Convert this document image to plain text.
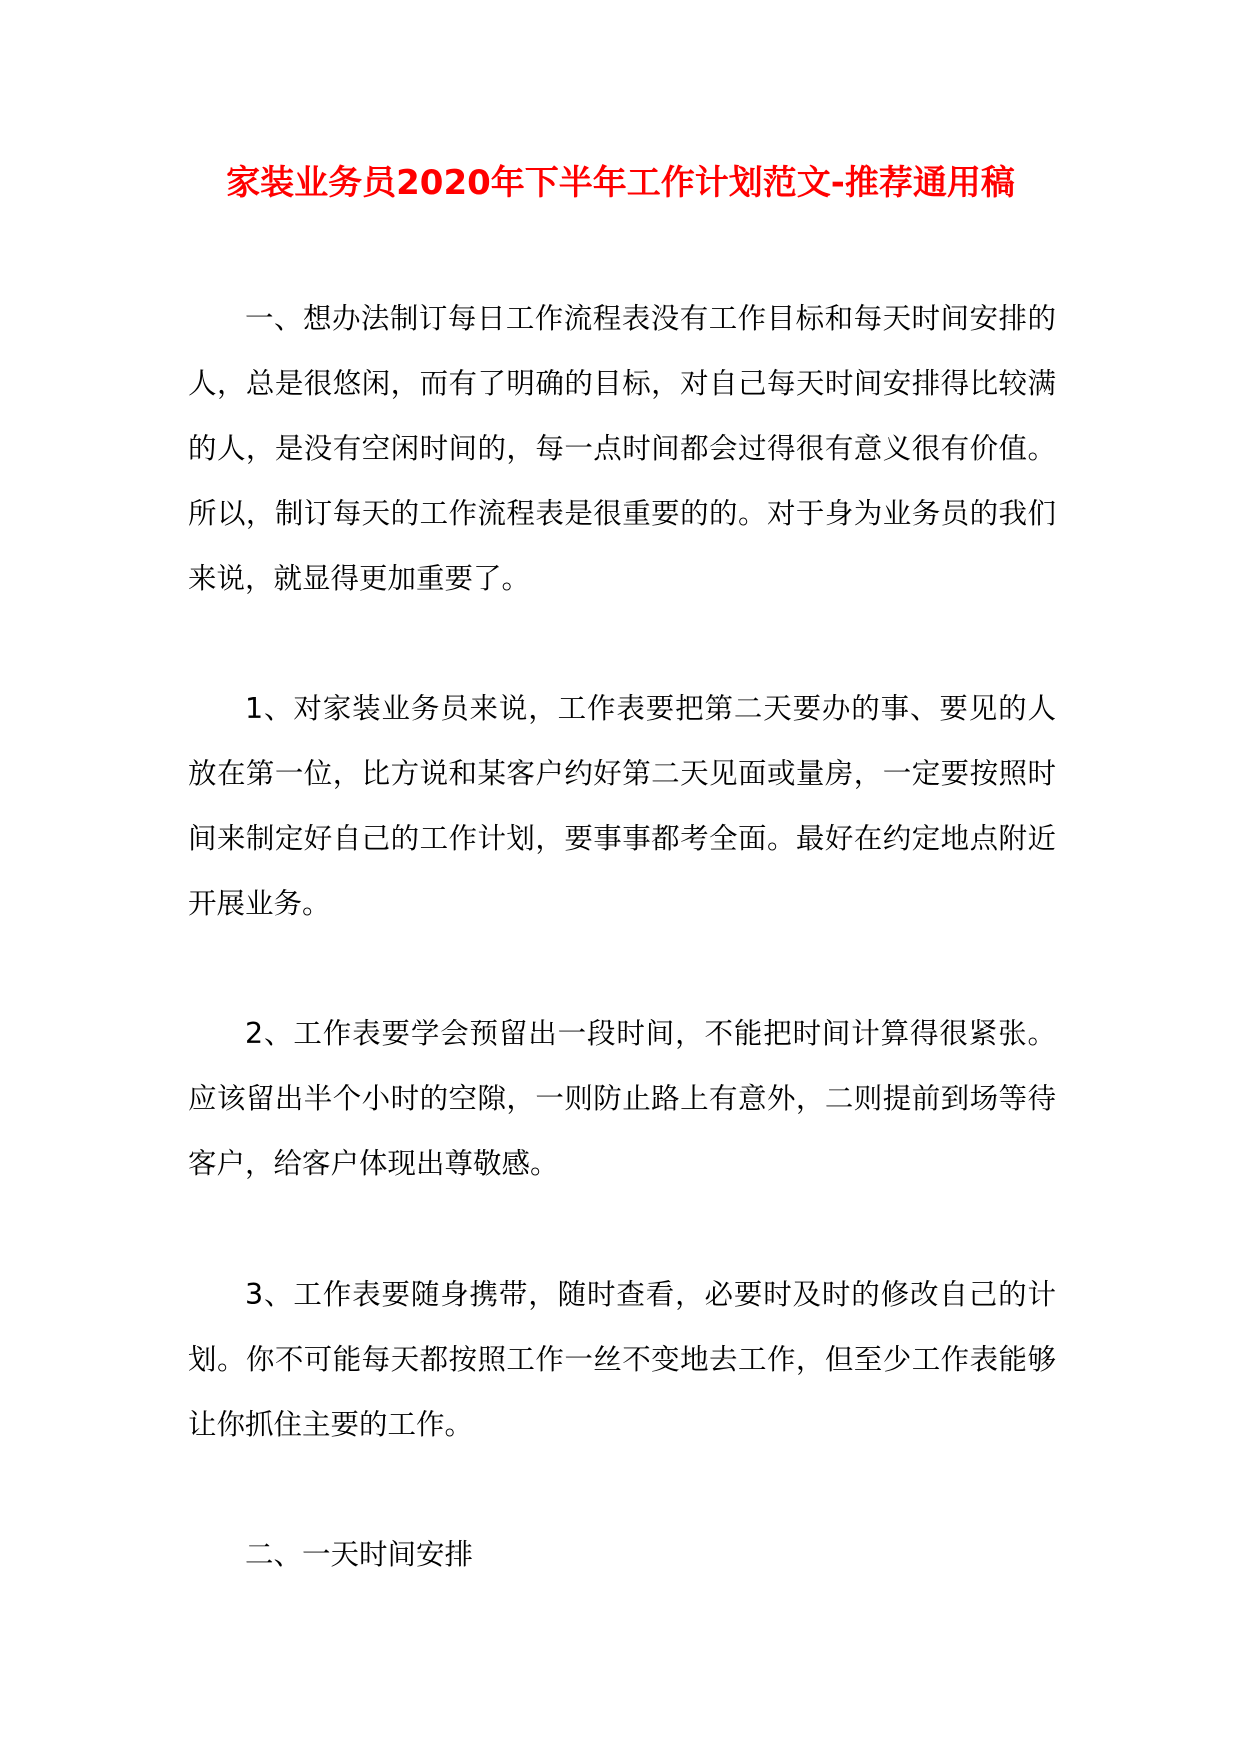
家装业务员2020年下半年工作计划范文-推荐通用稿

一、想办法制订每日工作流程表没有工作目标和每天时间安排的人，总是很悠闲，而有了明确的目标，对自己每天时间安排得比较满的人，是没有空闲时间的，每一点时间都会过得很有意义很有价值。所以，制订每天的工作流程表是很重要的的。对于身为业务员的我们来说，就显得更加重要了。

1、对家装业务员来说，工作表要把第二天要办的事、要见的人放在第一位，比方说和某客户约好第二天见面或量房，一定要按照时间来制定好自己的工作计划，要事事都考全面。最好在约定地点附近开展业务。

2、工作表要学会预留出一段时间，不能把时间计算得很紧张。应该留出半个小时的空隙，一则防止路上有意外，二则提前到场等待客户，给客户体现出尊敬感。

3、工作表要随身携带，随时查看，必要时及时的修改自己的计划。你不可能每天都按照工作一丝不变地去工作，但至少工作表能够让你抓住主要的工作。

二、一天时间安排
